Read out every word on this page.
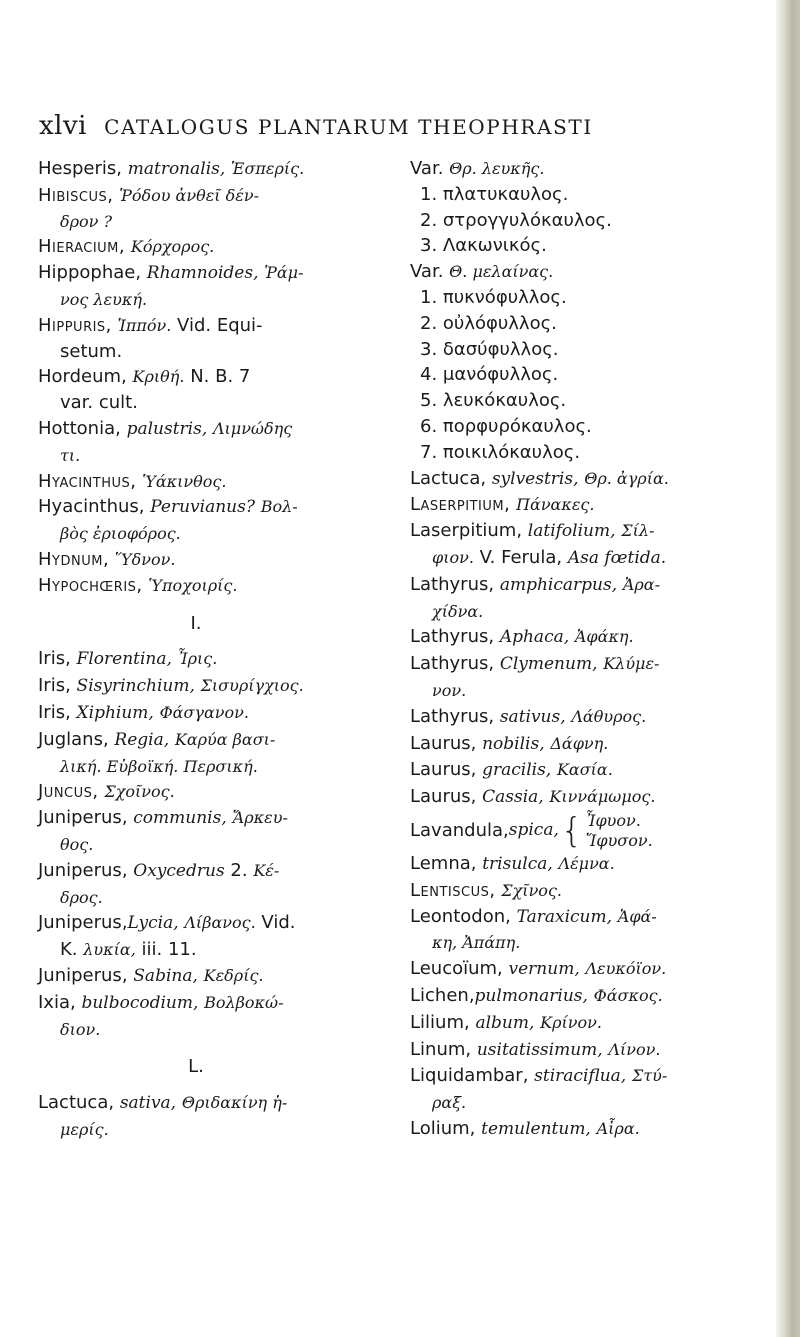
xlvi CATALOGUS PLANTARUM THEOPHRASTI
Hesperis, matronalis, Ἑσπερίς.
Hibiscus, Ῥόδου ἀνθεῖ δέν-
δρον ?
Hieracium, Κόρχορος.
Hippophae, Rhamnoides, Ῥάμ-
νος λευκή.
Hippuris, Ἱππόν. Vid. Equi-
setum.
Hordeum, Κριθή. N. B. 7
var. cult.
Hottonia, palustris, Λιμνώδης
τι.
Hyacinthus, Ὑάκινθος.
Hyacinthus, Peruvianus? Βολ-
βὸς ἐριοφόρος.
Hydnum, Ὕδνον.
Hypochœris, Ὑποχοιρίς.
I.
Iris, Florentina, Ἶρις.
Iris, Sisyrinchium, Σισυρίγχιος.
Iris, Xiphium, Φάσγανον.
Juglans, Regia, Καρύα βασι-
λική. Εὐβοϊκή. Περσική.
Juncus, Σχοῖνος.
Juniperus, communis, Ἄρκευ-
θος.
Juniperus, Oxycedrus 2. Κέ-
δρος.
Juniperus,Lycia, Λίβανος. Vid.
K. λυκία, iii. 11.
Juniperus, Sabina, Κεδρίς.
Ixia, bulbocodium, Βολβοκώ-
διον.
L.
Lactuca, sativa, Θριδακίνη ἡ-
μερίς.
Var. Θρ. λευκῆς.
1. πλατυκαυλος.
2. στρογγυλόκαυλος.
3. Λακωνικός.
Var. Θ. μελαίνας.
1. πυκνόφυλλος.
2. οὐλόφυλλος.
3. δασύφυλλος.
4. μανόφυλλος.
5. λευκόκαυλος.
6. πορφυρόκαυλος.
7. ποικιλόκαυλος.
Lactuca, sylvestris, Θρ. ἀγρία.
Laserpitium, Πάνακες.
Laserpitium, latifolium, Σίλ-
φιον. V. Ferula, Asa fœtida.
Lathyrus, amphicarpus, Ἀρα-
χίδνα.
Lathyrus, Aphaca, Ἀφάκη.
Lathyrus, Clymenum, Κλύμε-
νον.
Lathyrus, sativus, Λάθυρος.
Laurus, nobilis, Δάφνη.
Laurus, gracilis, Κασία.
Laurus, Cassia, Κιννάμωμος.
Lavandula, spica, { Ἶφυον.
Ἴφυσον.
Lemna, trisulca, Λέμνα.
Lentiscus, Σχῖνος.
Leontodon, Taraxicum, Ἀφά-
κη, Ἀπάπη.
Leucoïum, vernum, Λευκόϊον.
Lichen,pulmonarius, Φάσκος.
Lilium, album, Κρίνον.
Linum, usitatissimum, Λίνον.
Liquidambar, stiraciflua, Στύ-
ραξ.
Lolium, temulentum, Αἶρα.
